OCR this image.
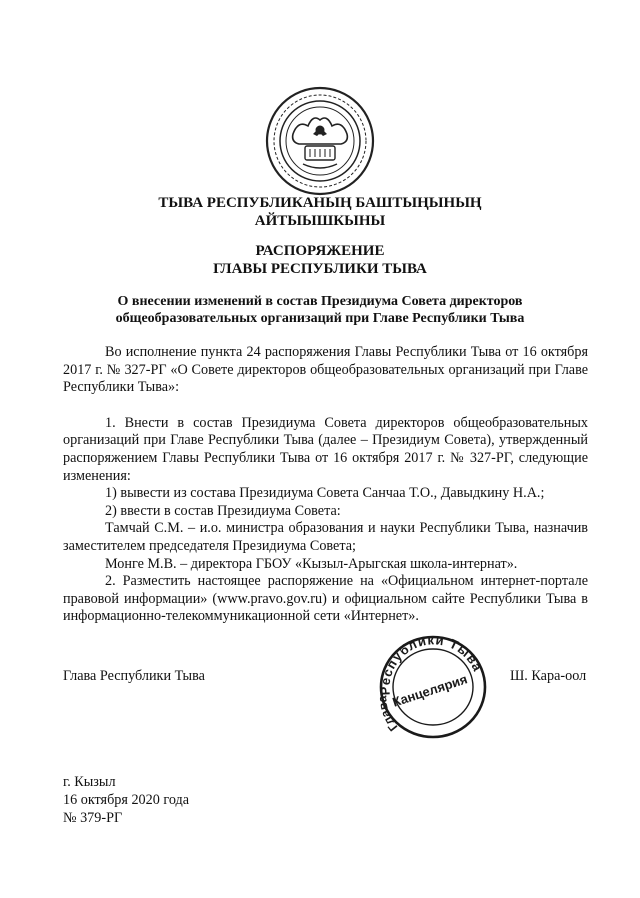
ТЫВА РЕСПУБЛИКАНЫҢ БАШТЫҢЫНЫҢ
АЙТЫЫШКЫНЫ
РАСПОРЯЖЕНИЕ
ГЛАВЫ РЕСПУБЛИКИ ТЫВА
О внесении изменений в состав Президиума Совета директоров
общеобразовательных организаций при Главе Республики Тыва

Во исполнение пункта 24 распоряжения Главы Республики Тыва от 16 октября 2017 г. № 327-РГ «О Совете директоров общеобразовательных организаций при Главе Республики Тыва»:

1. Внести в состав Президиума Совета директоров общеобразовательных организаций при Главе Республики Тыва (далее – Президиум Совета), утвержденный распоряжением Главы Республики Тыва от 16 октября 2017 г. № 327-РГ, следующие изменения:

1) вывести из состава Президиума Совета Санчаа Т.О., Давыдкину Н.А.;

2) ввести в состав Президиума Совета:

Тамчай С.М. – и.о. министра образования и науки Республики Тыва, назначив заместителем председателя Президиума Совета;

Монге М.В. – директора ГБОУ «Кызыл-Арыгская школа-интернат».

2. Разместить настоящее распоряжение на «Официальном интернет-портале правовой информации» (www.pravo.gov.ru) и официальном сайте Республики Тыва в информационно-телекоммуникационной сети «Интернет».

Глава Республики Тыва
Республики Тыва
Глава Канцелярия	Ш. Кара-оол
г. Кызыл
16 октября 2020 года
№ 379-РГ
